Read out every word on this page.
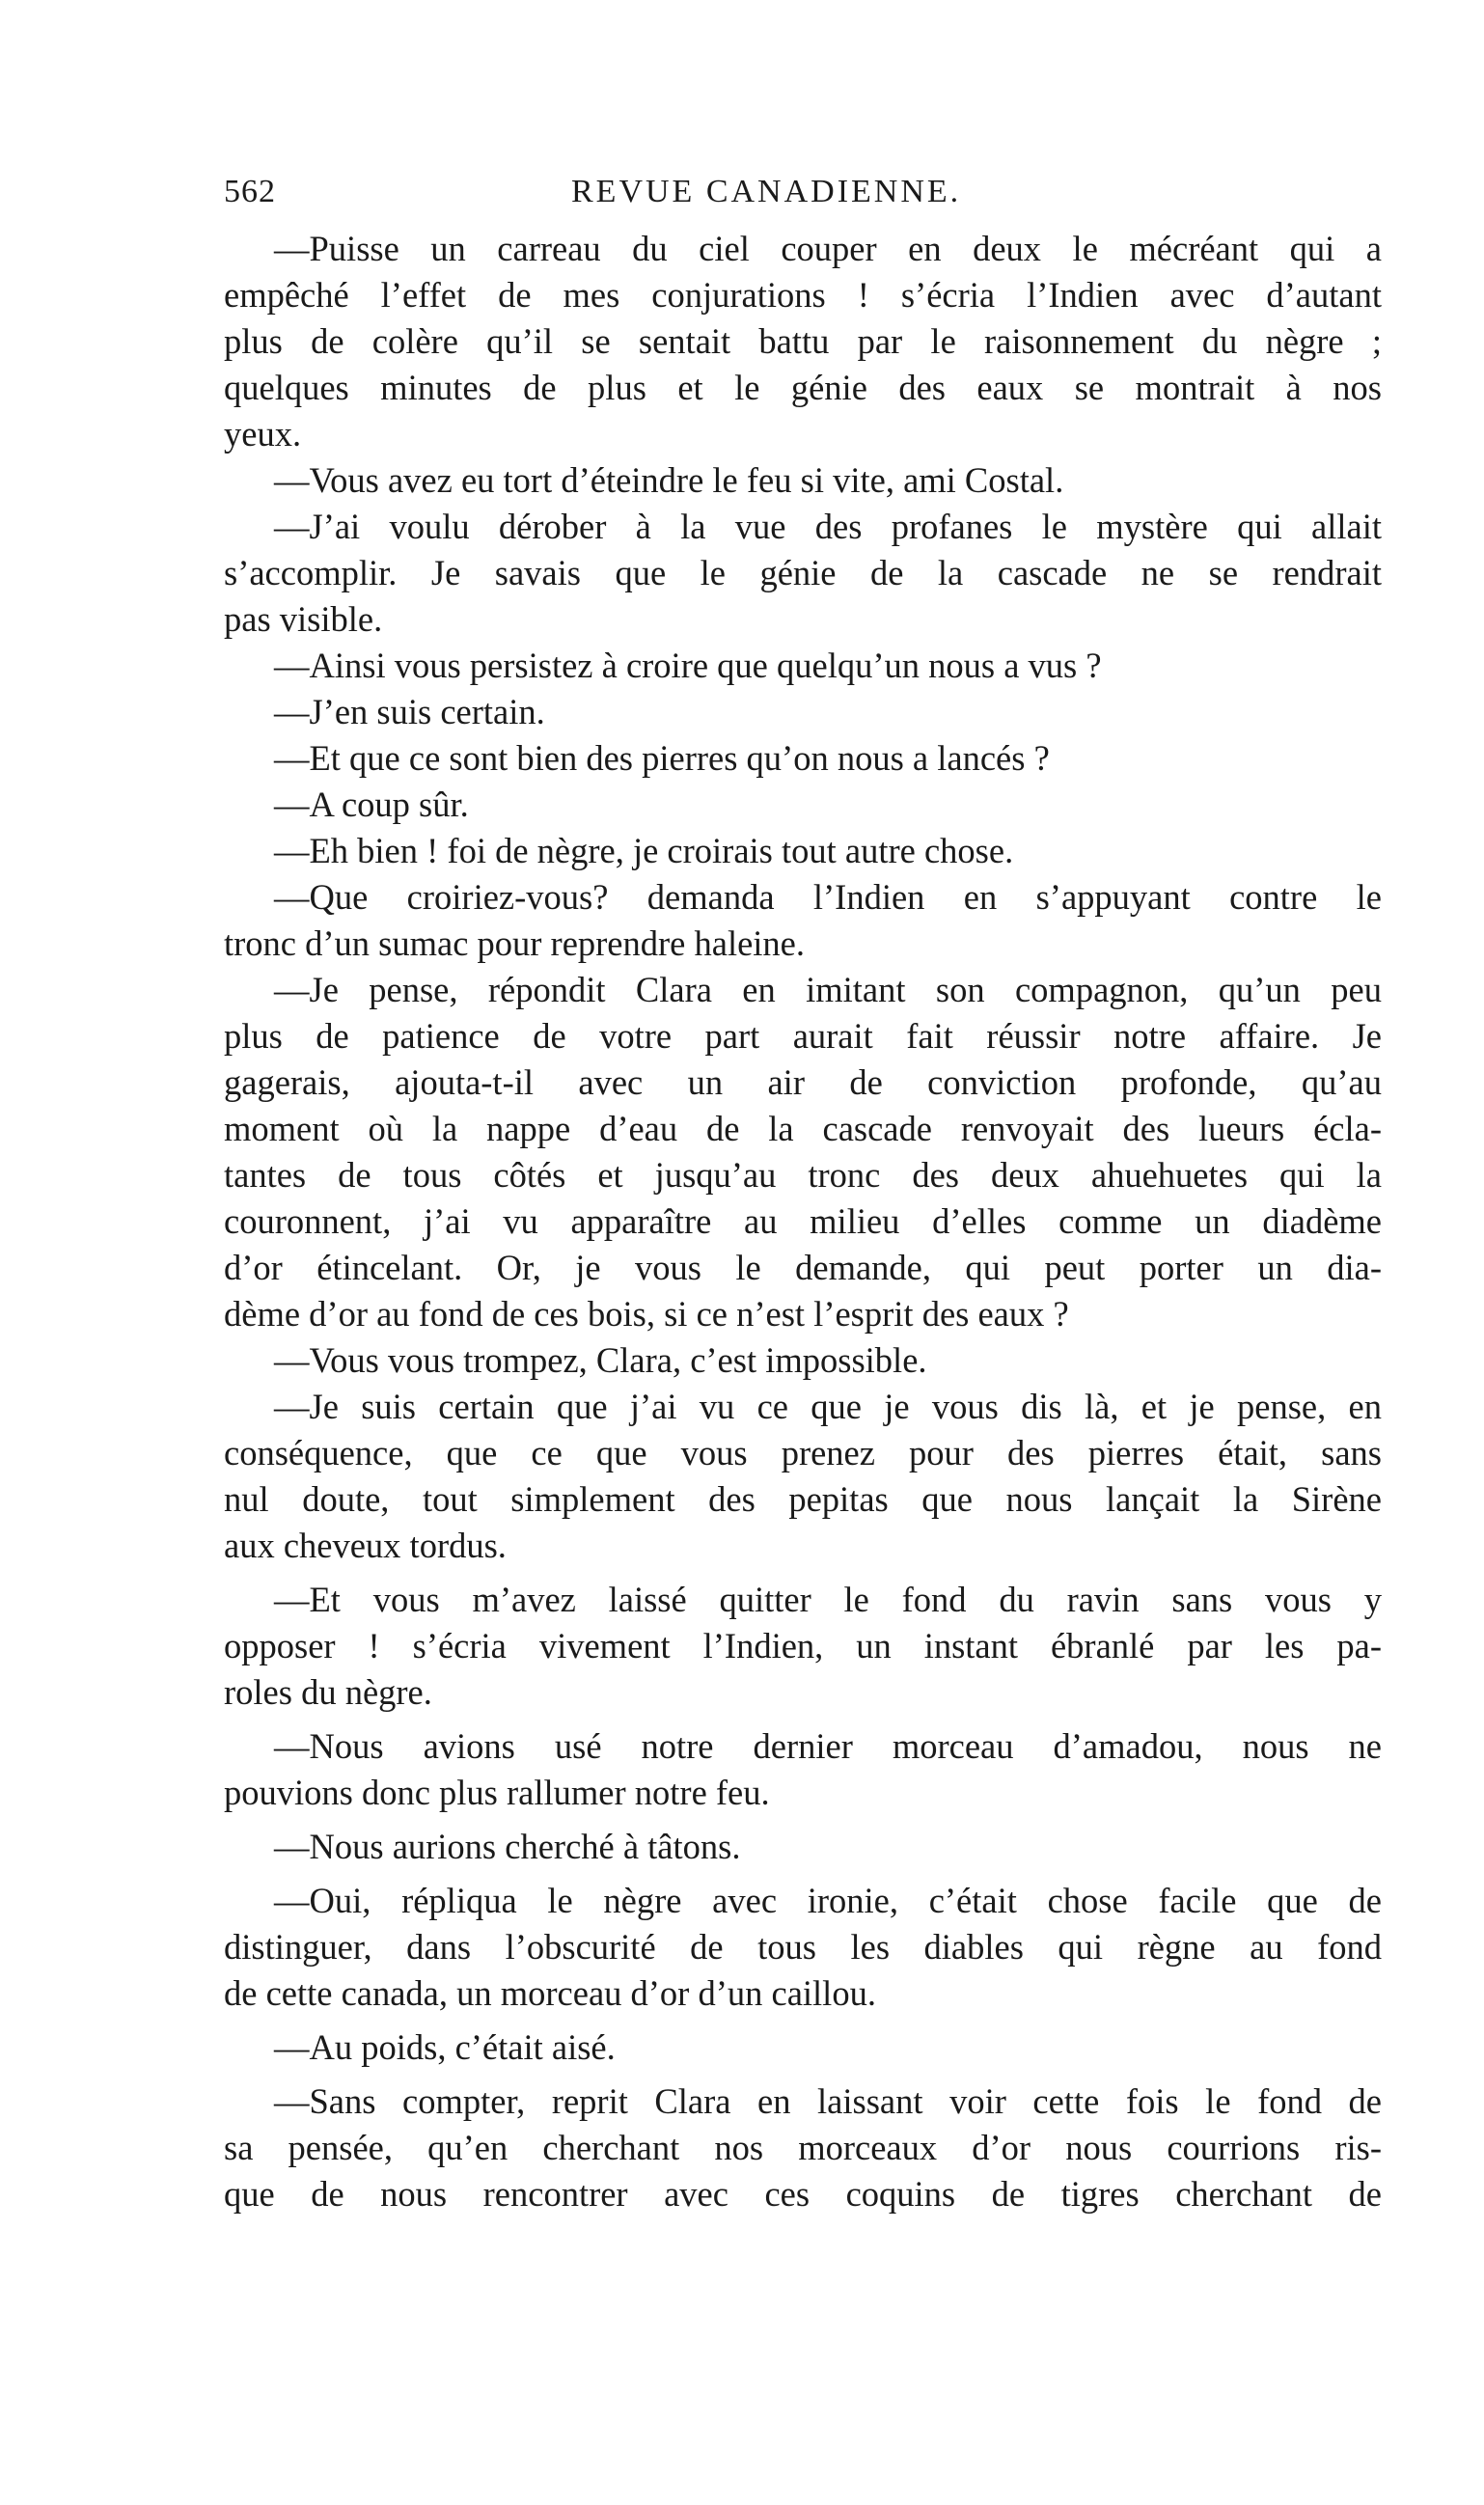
562	REVUE CANADIENNE.
—Puisse un carreau du ciel couper en deux le mécréant qui a
empêché l’effet de mes conjurations ! s’écria l’Indien avec d’autant
plus de colère qu’il se sentait battu par le raisonnement du nègre ;
quelques minutes de plus et le génie des eaux se montrait à nos
yeux.
—Vous avez eu tort d’éteindre le feu si vite, ami Costal.
—J’ai voulu dérober à la vue des profanes le mystère qui allait
s’accomplir. Je savais que le génie de la cascade ne se rendrait
pas visible.
—Ainsi vous persistez à croire que quelqu’un nous a vus ?
—J’en suis certain.
—Et que ce sont bien des pierres qu’on nous a lancés ?
—A coup sûr.
—Eh bien ! foi de nègre, je croirais tout autre chose.
—Que croiriez-vous? demanda l’Indien en s’appuyant contre le
tronc d’un sumac pour reprendre haleine.
—Je pense, répondit Clara en imitant son compagnon, qu’un peu
plus de patience de votre part aurait fait réussir notre affaire. Je
gagerais, ajouta-t-il avec un air de conviction profonde, qu’au
moment où la nappe d’eau de la cascade renvoyait des lueurs écla-
tantes de tous côtés et jusqu’au tronc des deux ahuehuetes qui la
couronnent, j’ai vu apparaître au milieu d’elles comme un diadème
d’or étincelant. Or, je vous le demande, qui peut porter un dia-
dème d’or au fond de ces bois, si ce n’est l’esprit des eaux ?
—Vous vous trompez, Clara, c’est impossible.
—Je suis certain que j’ai vu ce que je vous dis là, et je pense, en
conséquence, que ce que vous prenez pour des pierres était, sans
nul doute, tout simplement des pepitas que nous lançait la Sirène
aux cheveux tordus.
—Et vous m’avez laissé quitter le fond du ravin sans vous y
opposer ! s’écria vivement l’Indien, un instant ébranlé par les pa-
roles du nègre.
—Nous avions usé notre dernier morceau d’amadou, nous ne
pouvions donc plus rallumer notre feu.
—Nous aurions cherché à tâtons.
—Oui, répliqua le nègre avec ironie, c’était chose facile que de
distinguer, dans l’obscurité de tous les diables qui règne au fond
de cette canada, un morceau d’or d’un caillou.
—Au poids, c’était aisé.
—Sans compter, reprit Clara en laissant voir cette fois le fond de
sa pensée, qu’en cherchant nos morceaux d’or nous courrions ris-
que de nous rencontrer avec ces coquins de tigres cherchant de
